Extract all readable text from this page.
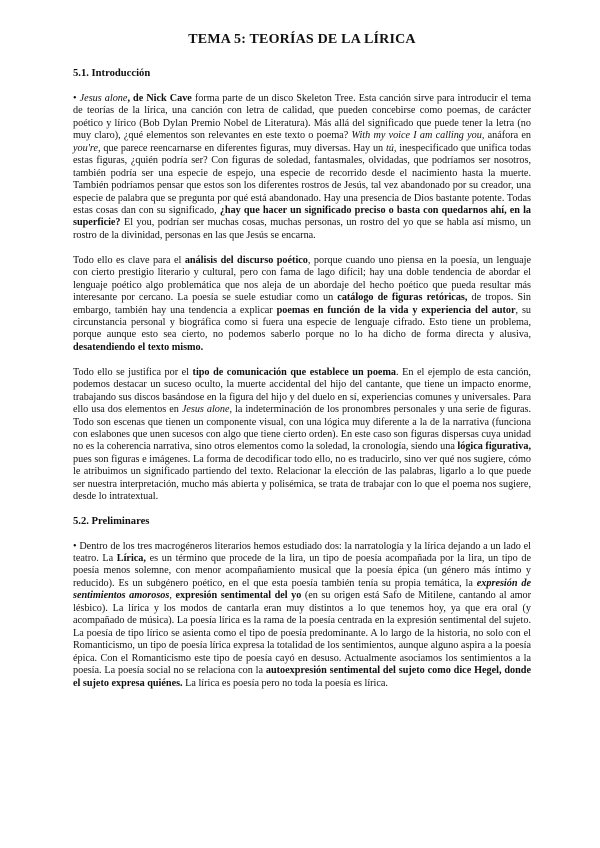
TEMA 5: TEORÍAS DE LA LÍRICA
5.1. Introducción

• Jesus alone, de Nick Cave forma parte de un disco Skeleton Tree. Esta canción sirve para introducir el tema de teorías de la lírica, una canción con letra de calidad, que pueden concebirse como poemas, de carácter poético y lírico (Bob Dylan Premio Nobel de Literatura). Más allá del significado que puede tener la letra (no muy claro), ¿qué elementos son relevantes en este texto o poema? With my voice I am calling you, anáfora en you're, que parece reencarnarse en diferentes figuras, muy diversas. Hay un tú, inespecificado que unifica todas estas figuras, ¿quién podría ser? Con figuras de soledad, fantasmales, olvidadas, que podríamos ser nosotros, también podría ser una especie de espejo, una especie de recorrido desde el nacimiento hasta la muerte. También podríamos pensar que estos son los diferentes rostros de Jesús, tal vez abandonado por su creador, una especie de palabra que se pregunta por qué está abandonado. Hay una presencia de Dios bastante potente. Todas estas cosas dan con su significado, ¿hay que hacer un significado preciso o basta con quedarnos ahí, en la superficie? El you, podrían ser muchas cosas, muchas personas, un rostro del yo que se habla así mismo, un rostro de la divinidad, personas en las que Jesús se encarna.

Todo ello es clave para el análisis del discurso poético, porque cuando uno piensa en la poesía, un lenguaje con cierto prestigio literario y cultural, pero con fama de lago difícil; hay una doble tendencia de abordar el lenguaje poético algo problemática que nos aleja de un abordaje del hecho poético que pueda resultar más interesante por cercano. La poesía se suele estudiar como un catálogo de figuras retóricas, de tropos. Sin embargo, también hay una tendencia a explicar poemas en función de la vida y experiencia del autor, su circunstancia personal y biográfica como si fuera una especie de lenguaje cifrado. Esto tiene un problema, porque aunque esto sea cierto, no podemos saberlo porque no lo ha dicho de forma directa y alusiva, desatendiendo el texto mismo.

Todo ello se justifica por el tipo de comunicación que establece un poema. En el ejemplo de esta canción, podemos destacar un suceso oculto, la muerte accidental del hijo del cantante, que tiene un impacto enorme, trabajando sus discos basándose en la figura del hijo y del duelo en sí, experiencias comunes y universales. Para ello usa dos elementos en Jesus alone, la indeterminación de los pronombres personales y una serie de figuras. Todo son escenas que tienen un componente visual, con una lógica muy diferente a la de la narrativa (funciona con eslabones que unen sucesos con algo que tiene cierto orden). En este caso son figuras dispersas cuya unidad no es la coherencia narrativa, sino otros elementos como la soledad, la cronología, siendo una lógica figurativa, pues son figuras e imágenes. La forma de decodificar todo ello, no es traducirlo, sino ver qué nos sugiere, cómo le atribuimos un significado partiendo del texto. Relacionar la elección de las palabras, ligarlo a lo que puede ser nuestra interpretación, mucho más abierta y polisémica, se trata de trabajar con lo que el poema nos sugiere, desde lo intratextual.

5.2. Preliminares

• Dentro de los tres macrogéneros literarios hemos estudiado dos: la narratología y la lírica dejando a un lado el teatro. La Lírica, es un término que procede de la lira, un tipo de poesía acompañada por la lira, un tipo de poesía menos solemne, con menor acompañamiento musical que la poesía épica (un género más íntimo y reducido). Es un subgénero poético, en el que esta poesía también tenía su propia temática, la expresión de sentimientos amorosos, expresión sentimental del yo (en su origen está Safo de Mitilene, cantando al amor lésbico). La lírica y los modos de cantarla eran muy distintos a lo que tenemos hoy, ya que era oral (y acompañado de música). La poesía lírica es la rama de la poesía centrada en la expresión sentimental del sujeto. La poesía de tipo lírico se asienta como el tipo de poesía predominante. A lo largo de la historia, no solo con el Romanticismo, un tipo de poesía lírica expresa la totalidad de los sentimientos, aunque alguno aspira a la poesía épica. Con el Romanticismo este tipo de poesía cayó en desuso. Actualmente asociamos los sentimientos a la poesía. La poesía social no se relaciona con la autoexpresión sentimental del sujeto como dice Hegel, donde el sujeto expresa quiénes. La lírica es poesía pero no toda la poesía es lírica.
